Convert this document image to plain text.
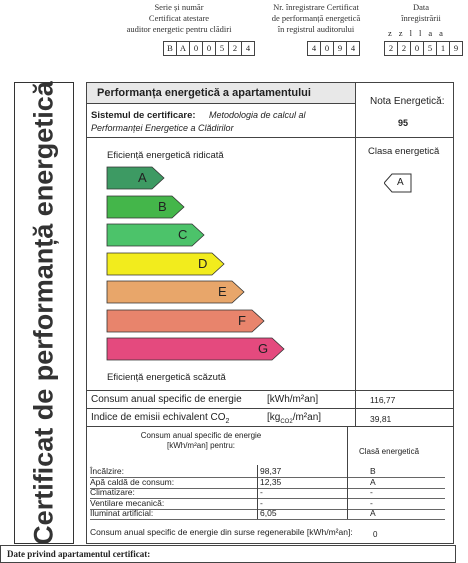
Serie și număr
Certificat atestare
auditor energetic pentru clădiri
B A 0	0	5	2	4
Nr. înregistrare Certificat
de performanță energetică
în registrul auditorului
4	0	9	4
Data
înregistrării
z z l l a a
2	2	0	5	1	9
Certificat de performanță energetică	Performanța energetică a apartamentului
Nota Energetică:
95
Sistemul de certificare: Metodologia de calcul al
Performanței Energetice a Clădirilor
Eficiență energetică ridicată
Eficiență energetică scăzută
Clasa energetică
A
Consum anual specific de energie	[kWh/m²an]	116,77
Indice de emisii echivalent $CO_2$	$[kg_{CO2}/m^2an]$	39,81
Consum anual specific de energie
[kWh/m²an] pentru:
Clasă energetică
Încălzire:	98,37	B
Apă caldă de consum:	12,35	A
Climatizare:	-	-
Ventilare mecanică:	-	-
Iluminat artificial:	6,05	A
Consum anual specific de energie din surse regenerabile [kWh/m²an]:	0
A
B
C
D
E
F
G
Date privind apartamentul certificat:
